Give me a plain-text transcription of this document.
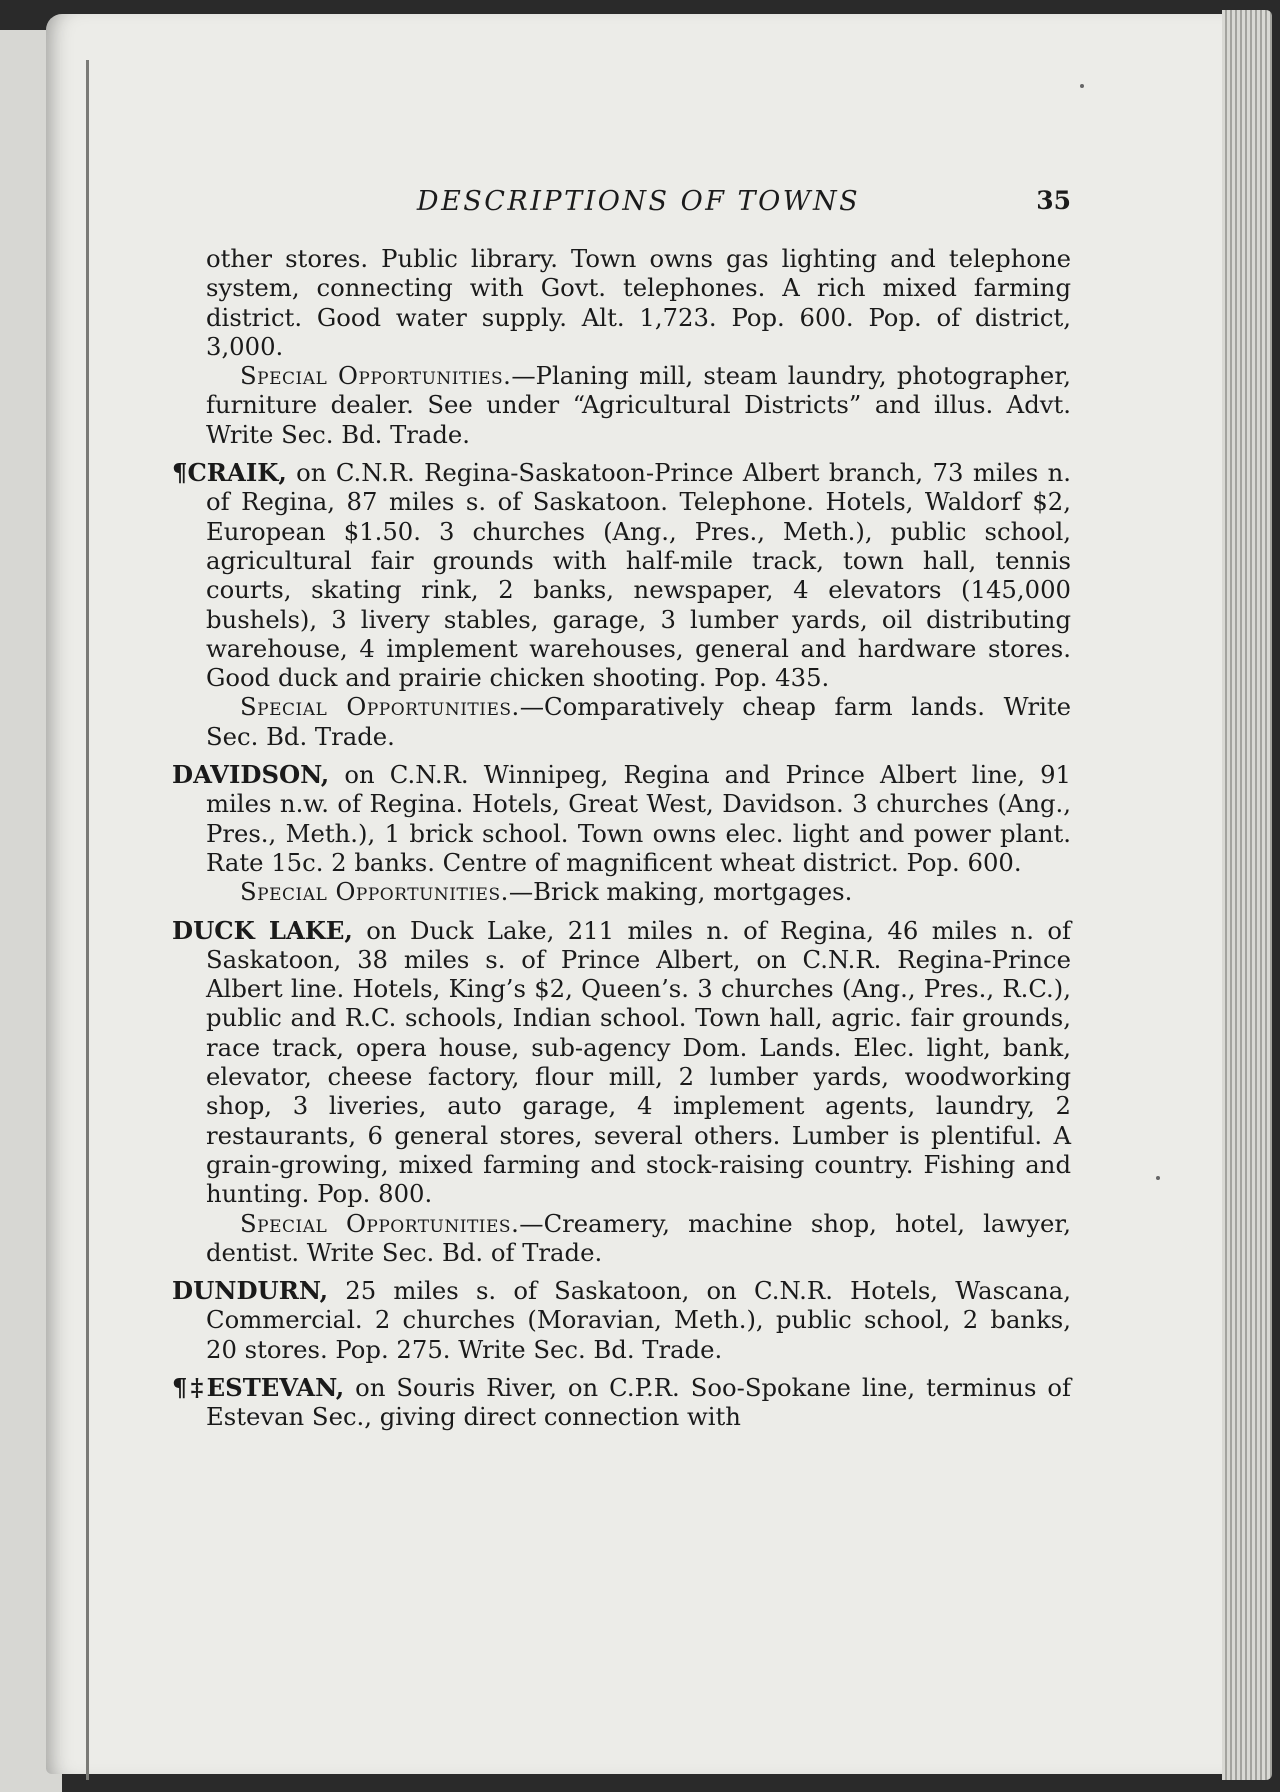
DESCRIPTIONS OF TOWNS	35

other stores. Public library. Town owns gas lighting and telephone system, connecting with Govt. telephones. A rich mixed farming district. Good water supply. Alt. 1,723. Pop. 600. Pop. of district, 3,000.

Special Opportunities.—Planing mill, steam laundry, photographer, furniture dealer. See under “Agricultural Districts” and illus. Advt. Write Sec. Bd. Trade.

¶CRAIK, on C.N.R. Regina-Saskatoon-Prince Albert branch, 73 miles n. of Regina, 87 miles s. of Saskatoon. Telephone. Hotels, Waldorf $2, European $1.50. 3 churches (Ang., Pres., Meth.), public school, agricultural fair grounds with half-mile track, town hall, tennis courts, skating rink, 2 banks, newspaper, 4 elevators (145,000 bushels), 3 livery stables, garage, 3 lumber yards, oil distributing warehouse, 4 implement warehouses, general and hardware stores. Good duck and prairie chicken shooting. Pop. 435.

Special Opportunities.—Comparatively cheap farm lands. Write Sec. Bd. Trade.

DAVIDSON, on C.N.R. Winnipeg, Regina and Prince Albert line, 91 miles n.w. of Regina. Hotels, Great West, Davidson. 3 churches (Ang., Pres., Meth.), 1 brick school. Town owns elec. light and power plant. Rate 15c. 2 banks. Centre of magnificent wheat district. Pop. 600.

Special Opportunities.—Brick making, mortgages.

DUCK LAKE, on Duck Lake, 211 miles n. of Regina, 46 miles n. of Saskatoon, 38 miles s. of Prince Albert, on C.N.R. Regina-Prince Albert line. Hotels, King’s $2, Queen’s. 3 churches (Ang., Pres., R.C.), public and R.C. schools, Indian school. Town hall, agric. fair grounds, race track, opera house, sub-agency Dom. Lands. Elec. light, bank, elevator, cheese factory, flour mill, 2 lumber yards, woodworking shop, 3 liveries, auto garage, 4 implement agents, laundry, 2 restaurants, 6 general stores, several others. Lumber is plentiful. A grain-growing, mixed farming and stock-raising country. Fishing and hunting. Pop. 800.

Special Opportunities.—Creamery, machine shop, hotel, lawyer, dentist. Write Sec. Bd. of Trade.

DUNDURN, 25 miles s. of Saskatoon, on C.N.R. Hotels, Wascana, Commercial. 2 churches (Moravian, Meth.), public school, 2 banks, 20 stores. Pop. 275. Write Sec. Bd. Trade.

¶‡ESTEVAN, on Souris River, on C.P.R. Soo-Spokane line, terminus of Estevan Sec., giving direct connection with
